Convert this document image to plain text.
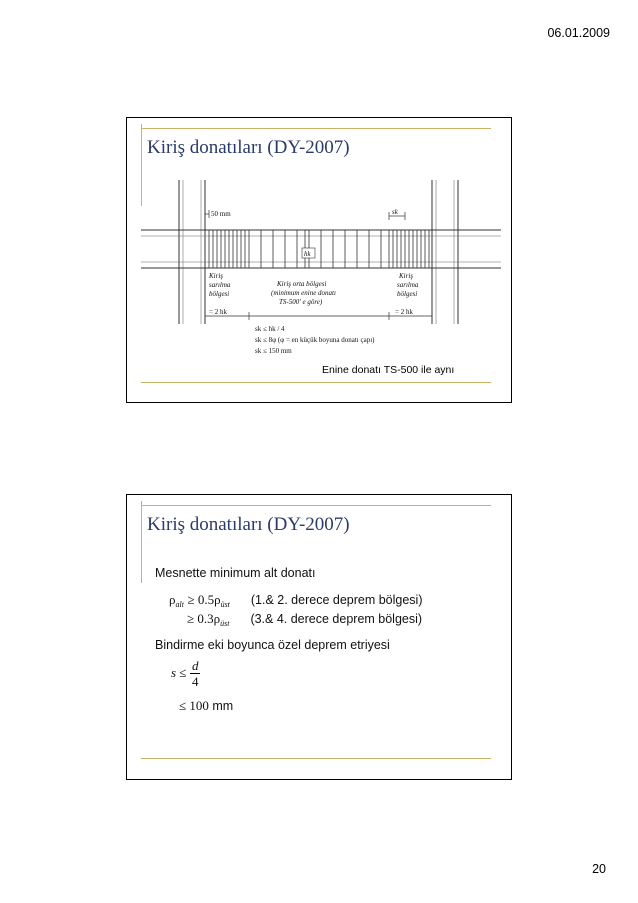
06.01.2009
Kiriş donatıları (DY-2007)
hk
50 mm	sk
Kiriş
sarılma
bölgesi
Kiriş orta bölgesi
(minimum enine donatı
TS-500' e göre)
Kiriş
sarılma
bölgesi
= 2 hk	= 2 hk
sk ≤ hk / 4
sk ≤ 8φ (φ = en küçük boyuna donatı çapı)
sk ≤ 150 mm
Enine donatı TS-500 ile aynı
Kiriş donatıları (DY-2007)
Mesnette minimum alt donatı
$\rho_{alt} \ge 0.5\rho_{üst}$ (1.& 2. derece deprem bölgesi)
≥ $0.3\rho_{üst}$ (3.& 4. derece deprem bölgesi)
Bindirme eki boyunca özel deprem etriyesi
$s \le \frac{d}{4}$
≤ 100 mm
20
